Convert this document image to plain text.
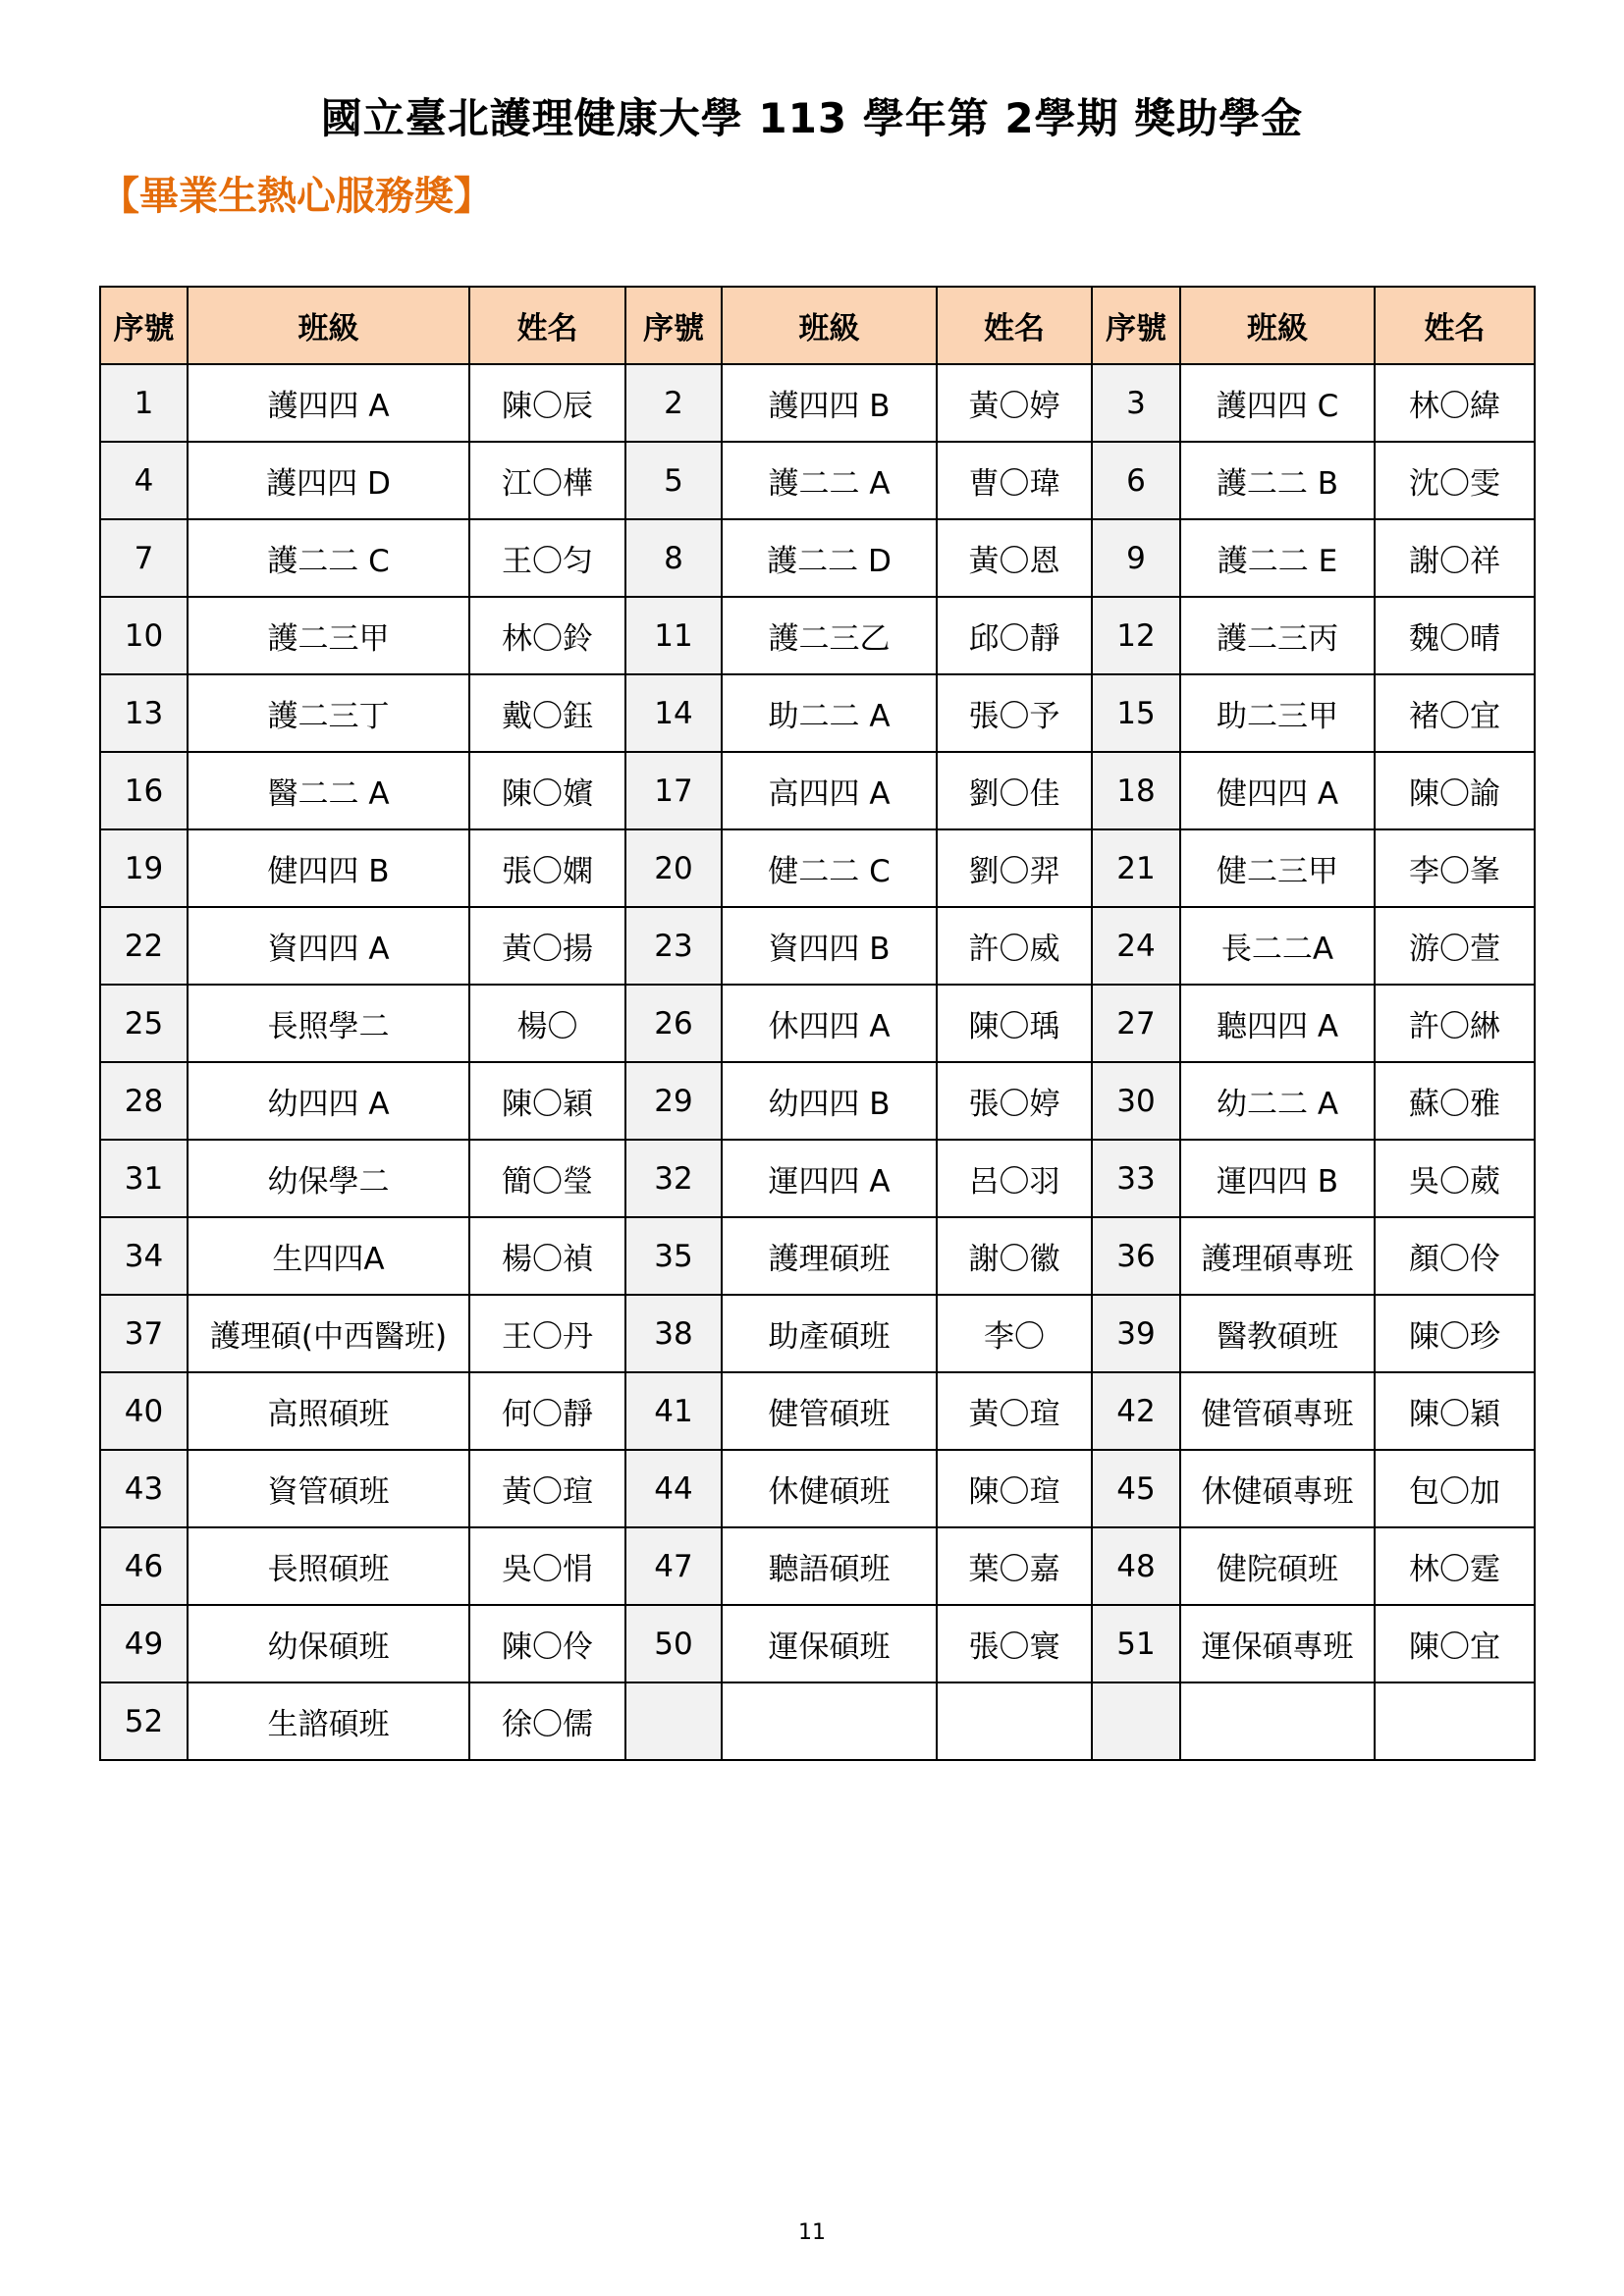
國立臺北護理健康大學 113 學年第 2學期 獎助學金
【畢業生熱心服務獎】
序號	班級	姓名	序號	班級	姓名	序號	班級	姓名
1	護四四 A	陳〇辰	2	護四四 B	黃〇婷	3	護四四 C	林〇緯
4	護四四 D	江〇樺	5	護二二 A	曹〇瑋	6	護二二 B	沈〇雯
7	護二二 C	王〇匀	8	護二二 D	黃〇恩	9	護二二 E	謝〇祥
10	護二三甲	林〇鈴	11	護二三乙	邱〇靜	12	護二三丙	魏〇晴
13	護二三丁	戴〇鈺	14	助二二 A	張〇予	15	助二三甲	褚〇宜
16	醫二二 A	陳〇嬪	17	高四四 A	劉〇佳	18	健四四 A	陳〇諭
19	健四四 B	張〇嫻	20	健二二 C	劉〇羿	21	健二三甲	李〇峯
22	資四四 A	黃〇揚	23	資四四 B	許〇威	24	長二二A	游〇萱
25	長照學二	楊〇	26	休四四 A	陳〇瑀	27	聽四四 A	許〇綝
28	幼四四 A	陳〇穎	29	幼四四 B	張〇婷	30	幼二二 A	蘇〇雅
31	幼保學二	簡〇瑩	32	運四四 A	呂〇羽	33	運四四 B	吳〇葳
34	生四四A	楊〇禎	35	護理碩班	謝〇徽	36	護理碩專班	顏〇伶
37	護理碩(中西醫班)	王〇丹	38	助產碩班	李〇	39	醫教碩班	陳〇珍
40	高照碩班	何〇靜	41	健管碩班	黃〇瑄	42	健管碩專班	陳〇穎
43	資管碩班	黃〇瑄	44	休健碩班	陳〇瑄	45	休健碩專班	包〇加
46	長照碩班	吳〇悁	47	聽語碩班	葉〇嘉	48	健院碩班	林〇霆
49	幼保碩班	陳〇伶	50	運保碩班	張〇寰	51	運保碩專班	陳〇宜
52	生諮碩班	徐〇儒						
11
